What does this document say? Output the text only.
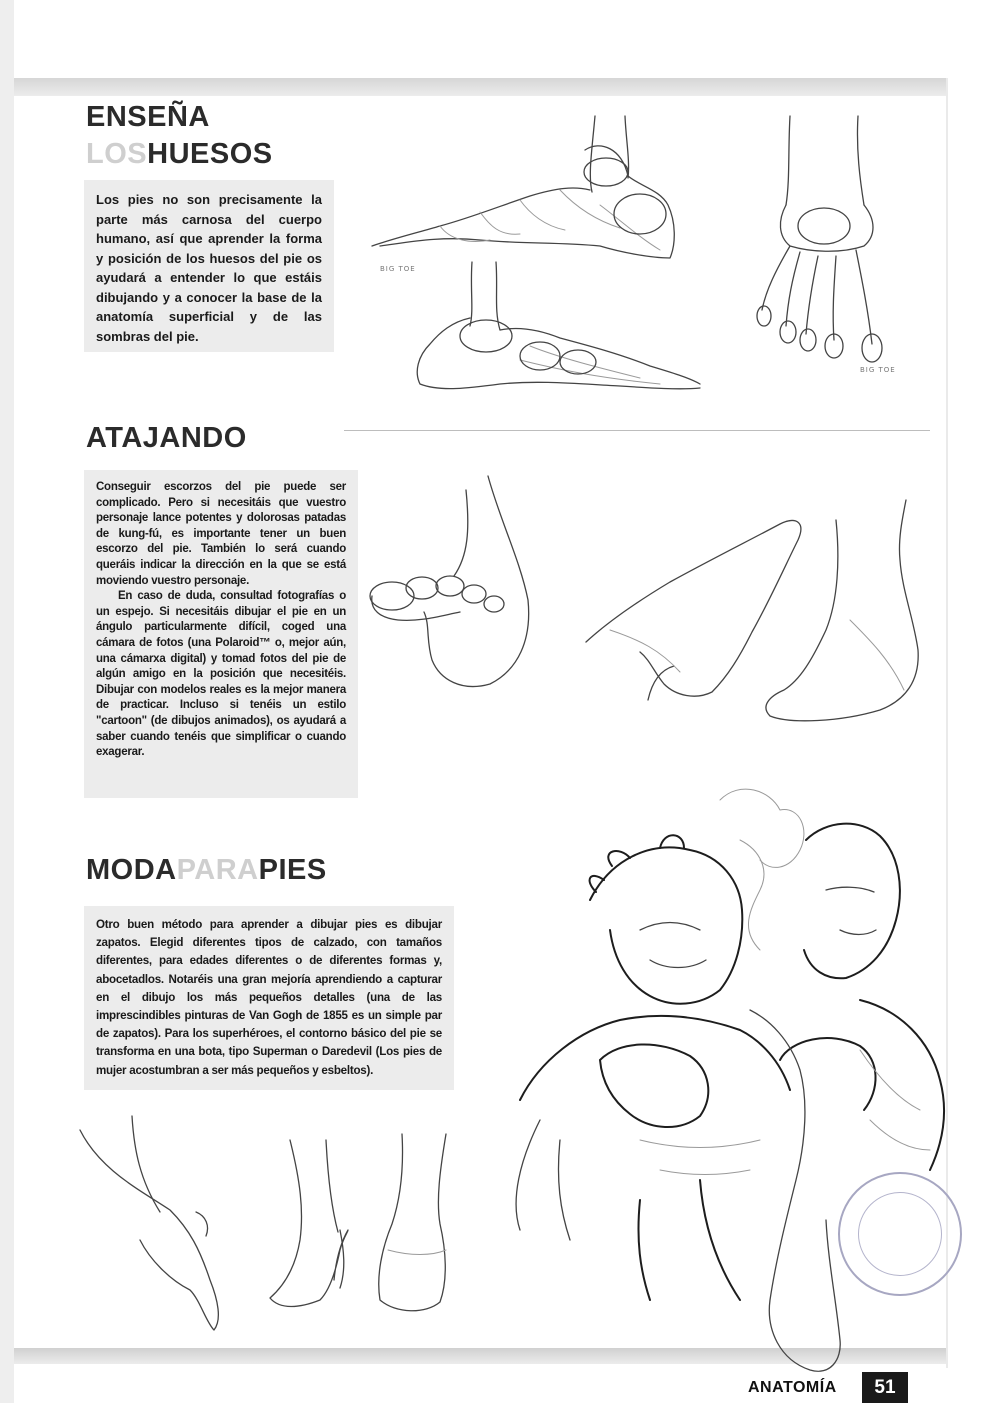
ENSEÑA
LOSHUESOS

Los pies no son precisamente la parte más carnosa del cuerpo humano, así que aprender la forma y posición de los huesos del pie os ayudará a entender lo que estáis dibujando y a conocer la base de la anatomía superficial y de las sombras del pie.

ATAJANDO

Conseguir escorzos del pie puede ser complicado. Pero si necesitáis que vuestro personaje lance potentes y dolorosas patadas de kung-fú, es importante tener un buen escorzo del pie. También lo será cuando queráis indicar la dirección en la que se está moviendo vuestro personaje.

En caso de duda, consultad fotografías o un espejo. Si necesitáis dibujar el pie en un ángulo particularmente difícil, coged una cámara de fotos (una Polaroid™ o, mejor aún, una cámarxa digital) y tomad fotos del pie de algún amigo en la posición que necesitéis. Dibujar con modelos reales es la mejor manera de practicar. Incluso si tenéis un estilo "cartoon" (de dibujos animados), os ayudará a saber cuando tenéis que simplificar o cuando exagerar.

MODAPARAPIES

Otro buen método para aprender a dibujar pies es dibujar zapatos. Elegid diferentes tipos de calzado, con tamaños diferentes, para edades diferentes o de diferentes formas y, abocetadlos. Notaréis una gran mejoría aprendiendo a capturar en el dibujo los más pequeños detalles (una de las imprescindibles pinturas de Van Gogh de 1855 es un simple par de zapatos). Para los superhéroes, el contorno básico del pie se transforma en una bota, tipo Superman o Daredevil (Los pies de mujer acostumbran a ser más pequeños y esbeltos).

BIG TOE
BIG TOE
ANATOMÍA	51
